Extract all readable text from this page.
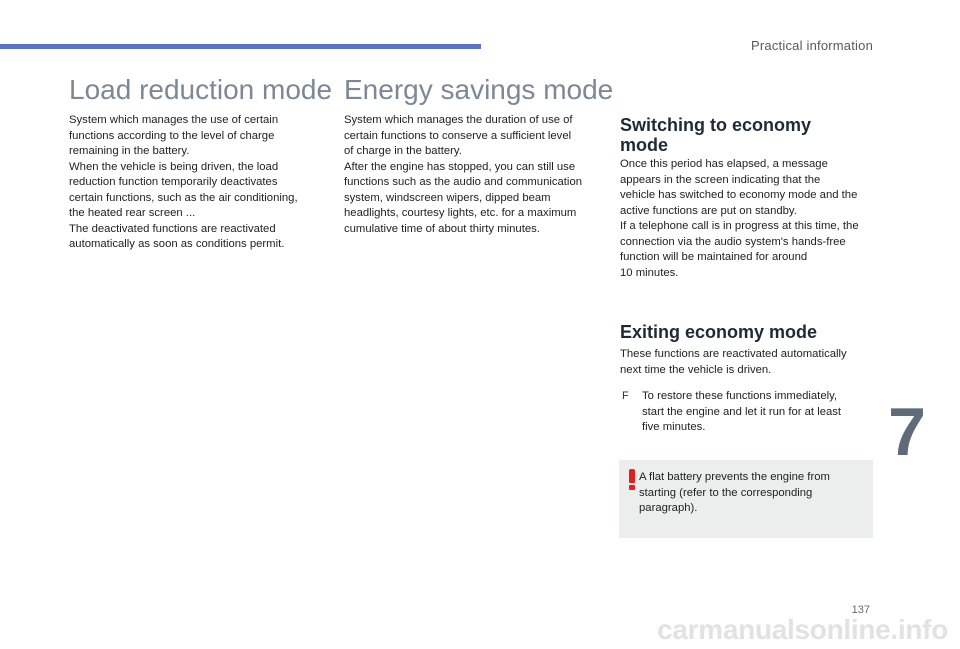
Practical information
Load reduction mode
System which manages the use of certain
functions according to the level of charge
remaining in the battery.
When the vehicle is being driven, the load
reduction function temporarily deactivates
certain functions, such as the air conditioning,
the heated rear screen ...
The deactivated functions are reactivated
automatically as soon as conditions permit.
Energy savings mode
System which manages the duration of use of
certain functions to conserve a sufficient level
of charge in the battery.
After the engine has stopped, you can still use
functions such as the audio and communication
system, windscreen wipers, dipped beam
headlights, courtesy lights, etc. for a maximum
cumulative time of about thirty minutes.
Switching to economy mode
Once this period has elapsed, a message
appears in the screen indicating that the
vehicle has switched to economy mode and the
active functions are put on standby.
If a telephone call is in progress at this time, the
connection via the audio system's hands-free
function will be maintained for around
10 minutes.
Exiting economy mode
These functions are reactivated automatically
next time the vehicle is driven.
F To restore these functions immediately,
start the engine and let it run for at least
five minutes.

A flat battery prevents the engine from
starting (refer to the corresponding
paragraph).

7
137
carmanualsonline.info
